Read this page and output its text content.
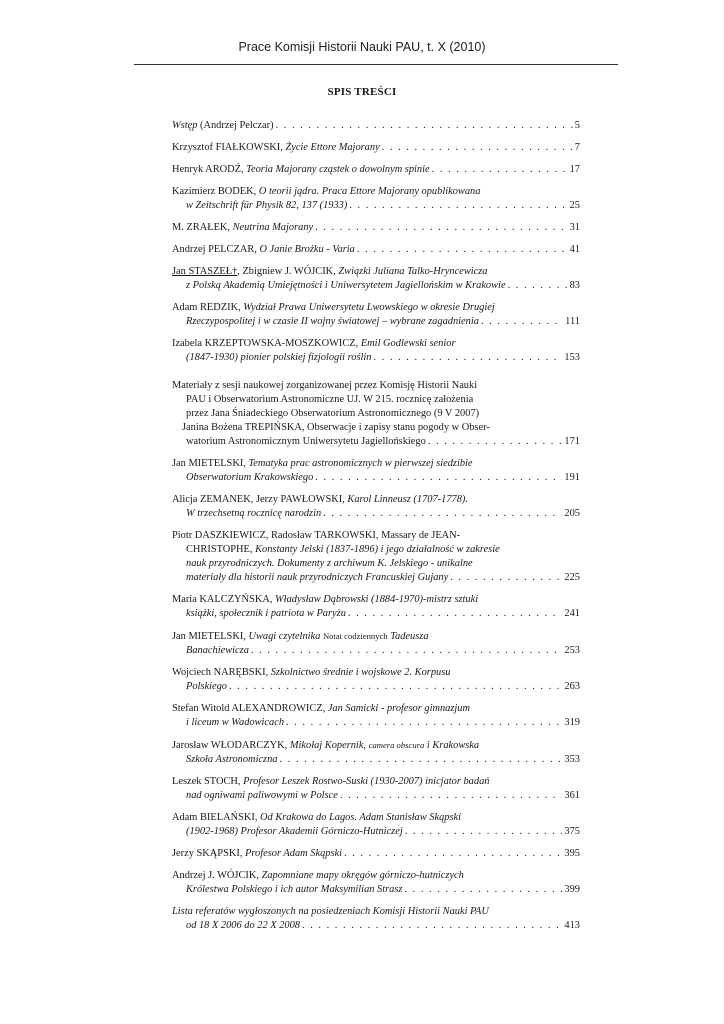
Prace Komisji Historii Nauki PAU, t. X (2010)
SPIS TREŚCI
Wstęp (Andrzej Pelczar) . . .	5
Krzysztof FIAŁKOWSKI, Życie Ettore Majorany . . .	7
Henryk ARODŹ, Teoria Majorany cząstek o dowolnym spinie . . .	17
Kazimierz BODEK, O teorii jądra. Praca Ettore Majorany opublikowana
w Zeitschrift für Physik 82, 137 (1933) . . .	25
M. ZRAŁEK, Neutrina Majorany . . .	31
Andrzej PELCZAR, O Janie Brożku - Varia . . .	41
Jan STASZEŁ†, Zbigniew J. WÓJCIK, Związki Juliana Talko-Hryncewicza
z Polską Akademią Umiejętności i Uniwersytetem Jagiellońskim w Krakowie . . .	83
Adam REDZIK, Wydział Prawa Uniwersytetu Lwowskiego w okresie Drugiej
Rzeczypospolitej i w czasie II wojny światowej – wybrane zagadnienia . . .	111
Izabela KRZEPTOWSKA-MOSZKOWICZ, Emil Godlewski senior
(1847-1930) pionier polskiej fizjologii roślin . . .	153
Materiały z sesji naukowej zorganizowanej przez Komisję Historii Nauki
PAU i Obserwatorium Astronomiczne UJ. W 215. rocznicę założenia
przez Jana Śniadeckiego Obserwatorium Astronomicznego (9 V 2007)
Janina Bożena TREPIŃSKA, Obserwacje i zapisy stanu pogody w Obser-
watorium Astronomicznym Uniwersytetu Jagiellońskiego . . .	171
Jan MIETELSKI, Tematyka prac astronomicznych w pierwszej siedzibie
Obserwatorium Krakowskiego . . .	191
Alicja ZEMANEK, Jerzy PAWŁOWSKI, Karol Linneusz (1707-1778).
W trzechsetną rocznicę narodzin . . .	205
Piotr DASZKIEWICZ, Radosław TARKOWSKI, Massary de JEAN-
CHRISTOPHE, Konstanty Jelski (1837-1896) i jego działalność w zakresie
nauk przyrodniczych. Dokumenty z archiwum K. Jelskiego - unikalne
materiały dla historii nauk przyrodniczych Francuskiej Gujany . . .	225
Maria KALCZYŃSKA, Władysław Dąbrowski (1884-1970)-mistrz sztuki
książki, społecznik i patriota w Paryżu . . .	241
Jan MIETELSKI, Uwagi czytelnika Notat codziennych Tadeusza
Banachiewicza . . .	253
Wojciech NARĘBSKI, Szkolnictwo średnie i wojskowe 2. Korpusu
Polskiego . . .	263
Stefan Witold ALEXANDROWICZ, Jan Samicki - profesor gimnazjum
i liceum w Wadowicach . . .	319
Jarosław WŁODARCZYK, Mikołaj Kopernik, camera obscura i Krakowska
Szkoła Astronomiczna . . .	353
Leszek STOCH, Profesor Leszek Rostwo-Suski (1930-2007) inicjator badań
nad ogniwami paliwowymi w Polsce . . .	361
Adam BIELAŃSKI, Od Krakowa do Lagos. Adam Stanisław Skąpski
(1902-1968) Profesor Akademii Górniczo-Hutniczej . . .	375
Jerzy SKĄPSKI, Profesor Adam Skąpski . . .	395
Andrzej J. WÓJCIK, Zapomniane mapy okręgów górniczo-hutniczych
Królestwa Polskiego i ich autor Maksymilian Strasz . . .	399
Lista referatów wygłoszonych na posiedzeniach Komisji Historii Nauki PAU
od 18 X 2006 do 22 X 2008 . . .	413
